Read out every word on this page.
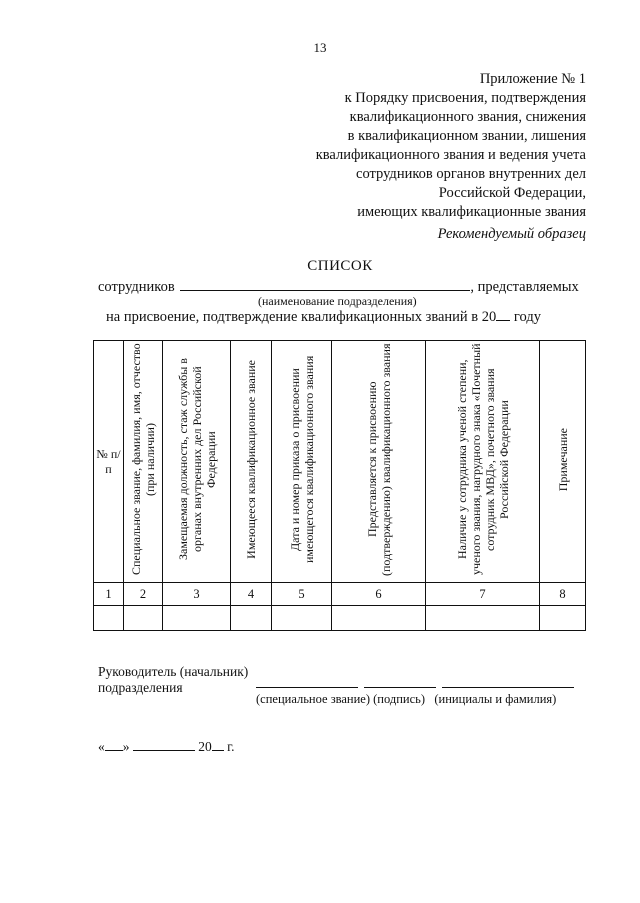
13
Приложение № 1
к Порядку присвоения, подтверждения
квалификационного звания, снижения
в квалификационном звании, лишения
квалификационного звания и ведения учета
сотрудников органов внутренних дел
Российской Федерации,
имеющих квалификационные звания
Рекомендуемый образец
СПИСОК
сотрудников	, представляемых
(наименование подразделения)
на присвоение, подтверждение квалификационных званий в 20 году
№ п/п	Специальное звание, фамилия, имя, отчество (при наличии)	Замещаемая должность, стаж службы в органах внутренних дел Российской Федерации	Имеющееся квалификационное звание	Дата и номер приказа о присвоении имеющегося квалификационного звания	Представляется к присвоению (подтверждению) квалификационного звания	Наличие у сотрудника ученой степени, ученого звания, нагрудного знака «Почетный сотрудник МВД», почетного звания Российской Федерации	Примечание
1	2	3	4	5	6	7	8

Руководитель (начальник)
подразделения
(специальное звание) (подпись)   (инициалы и фамилия)
« »	20 г.
